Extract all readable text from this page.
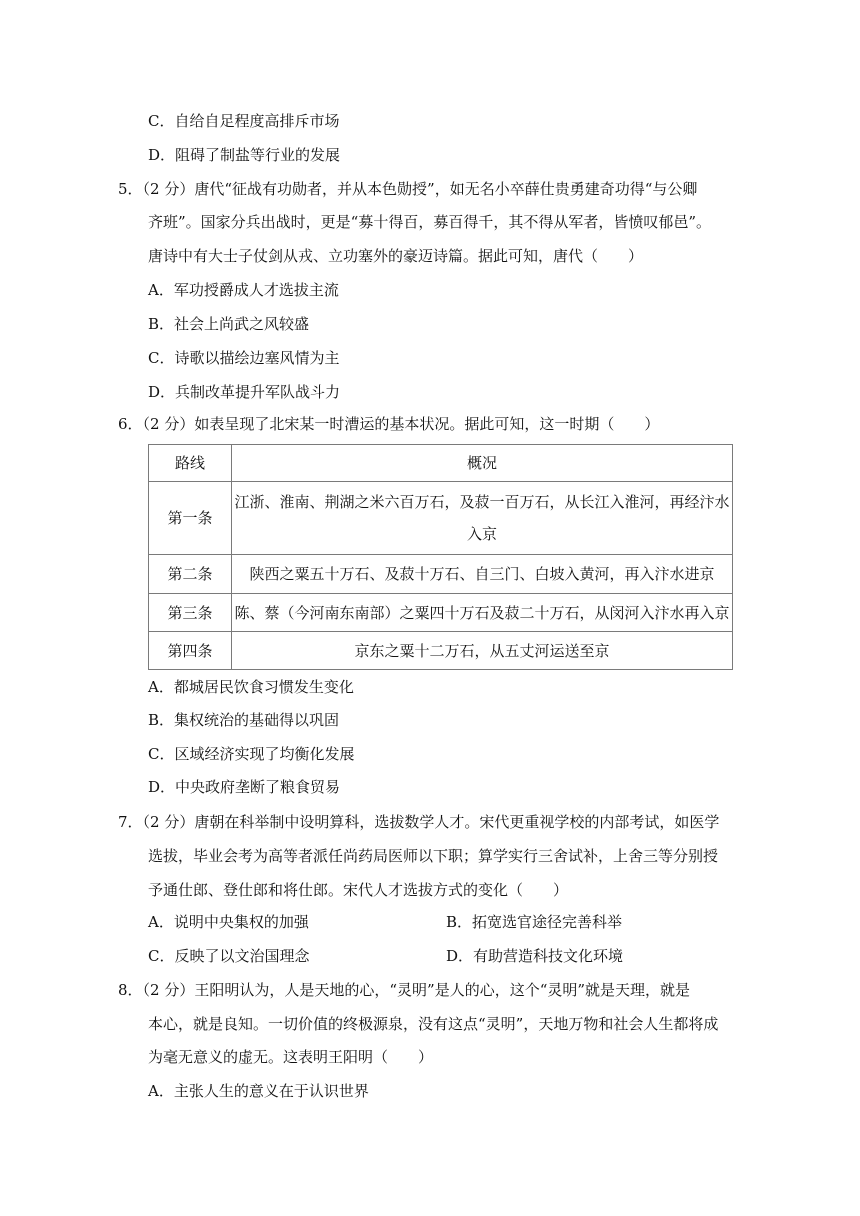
C．自给自足程度高排斥市场
D．阻碍了制盐等行业的发展
5．（2 分）唐代“征战有功勋者，并从本色勋授”，如无名小卒薛仕贵勇建奇功得“与公卿
齐班”。国家分兵出战时，更是“募十得百，募百得千，其不得从军者，皆愤叹郁邑”。
唐诗中有大士子仗剑从戎、立功塞外的豪迈诗篇。据此可知，唐代（　　）
A．军功授爵成人才选拔主流
B．社会上尚武之风较盛
C．诗歌以描绘边塞风情为主
D．兵制改革提升军队战斗力
6．（2 分）如表呈现了北宋某一时漕运的基本状况。据此可知，这一时期（　　）
路线	概况
第一条	江浙、淮南、荆湖之米六百万石，及菽一百万石，从长江入淮河，再经汴水
入京

第二条	陕西之粟五十万石、及菽十万石、自三门、白坡入黄河，再入汴水进京
第三条	陈、蔡（今河南东南部）之粟四十万石及菽二十万石，从闵河入汴水再入京
第四条	京东之粟十二万石，从五丈河运送至京
A．都城居民饮食习惯发生变化
B．集权统治的基础得以巩固
C．区域经济实现了均衡化发展
D．中央政府垄断了粮食贸易
7．（2 分）唐朝在科举制中设明算科，选拔数学人才。宋代更重视学校的内部考试，如医学
选拔，毕业会考为高等者派任尚药局医师以下职；算学实行三舍试补，上舍三等分别授
予通仕郎、登仕郎和将仕郎。宋代人才选拔方式的变化（　　）
A．说明中央集权的加强	B．拓宽选官途径完善科举
C．反映了以文治国理念	D．有助营造科技文化环境
8．（2 分）王阳明认为，人是天地的心，“灵明”是人的心，这个“灵明”就是天理，就是
本心，就是良知。一切价值的终极源泉，没有这点“灵明”，天地万物和社会人生都将成
为毫无意义的虚无。这表明王阳明（　　）
A．主张人生的意义在于认识世界
